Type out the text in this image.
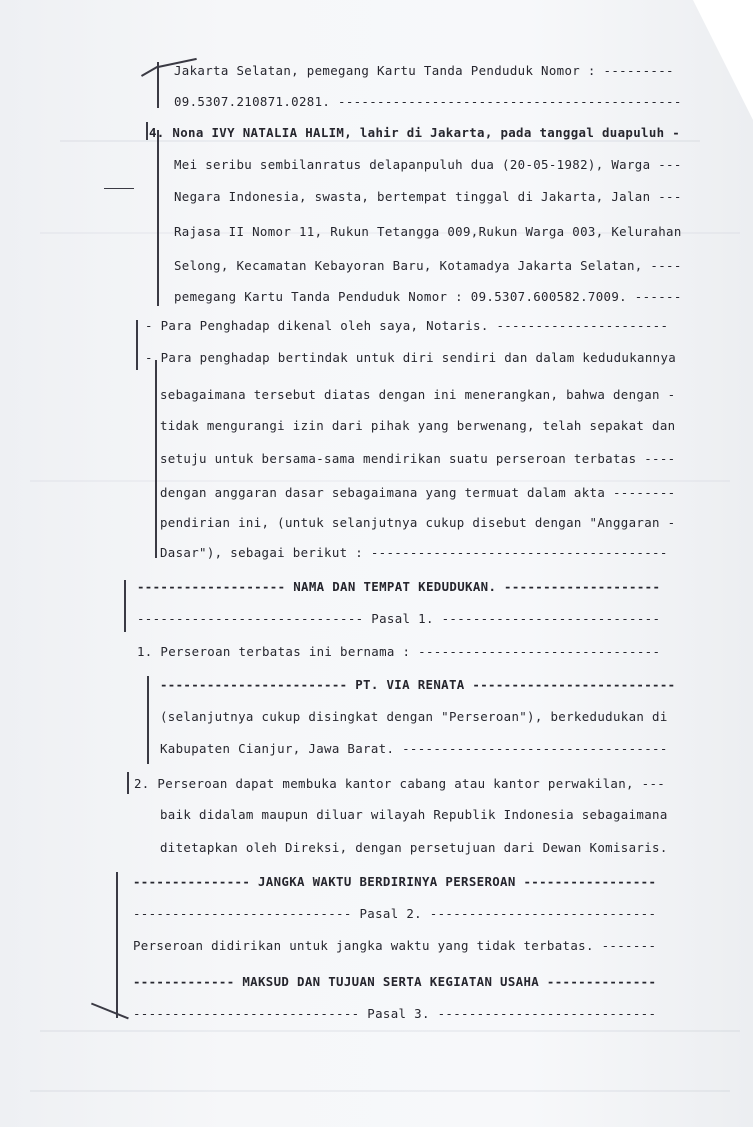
Jakarta Selatan, pemegang Kartu Tanda Penduduk Nomor : ---------
09.5307.210871.0281. --------------------------------------------
4. Nona IVY NATALIA HALIM, lahir di Jakarta, pada tanggal duapuluh -
Mei seribu sembilanratus delapanpuluh dua (20-05-1982), Warga ---
Negara Indonesia, swasta, bertempat tinggal di Jakarta, Jalan ---
Rajasa II Nomor 11, Rukun Tetangga 009,Rukun Warga 003, Kelurahan
Selong, Kecamatan Kebayoran Baru, Kotamadya Jakarta Selatan, ----
pemegang Kartu Tanda Penduduk Nomor : 09.5307.600582.7009. ------
- Para Penghadap dikenal oleh saya, Notaris. ----------------------
- Para penghadap bertindak untuk diri sendiri dan dalam kedudukannya
sebagaimana tersebut diatas dengan ini menerangkan, bahwa dengan -
tidak mengurangi izin dari pihak yang berwenang, telah sepakat dan
setuju untuk bersama-sama mendirikan suatu perseroan terbatas ----
dengan anggaran dasar sebagaimana yang termuat dalam akta --------
pendirian ini, (untuk selanjutnya cukup disebut dengan "Anggaran -
Dasar"), sebagai berikut : --------------------------------------
------------------- NAMA DAN TEMPAT KEDUDUKAN. --------------------
----------------------------- Pasal 1. ----------------------------
1. Perseroan terbatas ini bernama : -------------------------------
------------------------ PT. VIA RENATA --------------------------
(selanjutnya cukup disingkat dengan "Perseroan"), berkedudukan di
Kabupaten Cianjur, Jawa Barat. ----------------------------------
2. Perseroan dapat membuka kantor cabang atau kantor perwakilan, ---
baik didalam maupun diluar wilayah Republik Indonesia sebagaimana
ditetapkan oleh Direksi, dengan persetujuan dari Dewan Komisaris.
--------------- JANGKA WAKTU BERDIRINYA PERSEROAN -----------------
---------------------------- Pasal 2. -----------------------------
Perseroan didirikan untuk jangka waktu yang tidak terbatas. -------
------------- MAKSUD DAN TUJUAN SERTA KEGIATAN USAHA --------------
----------------------------- Pasal 3. ----------------------------
